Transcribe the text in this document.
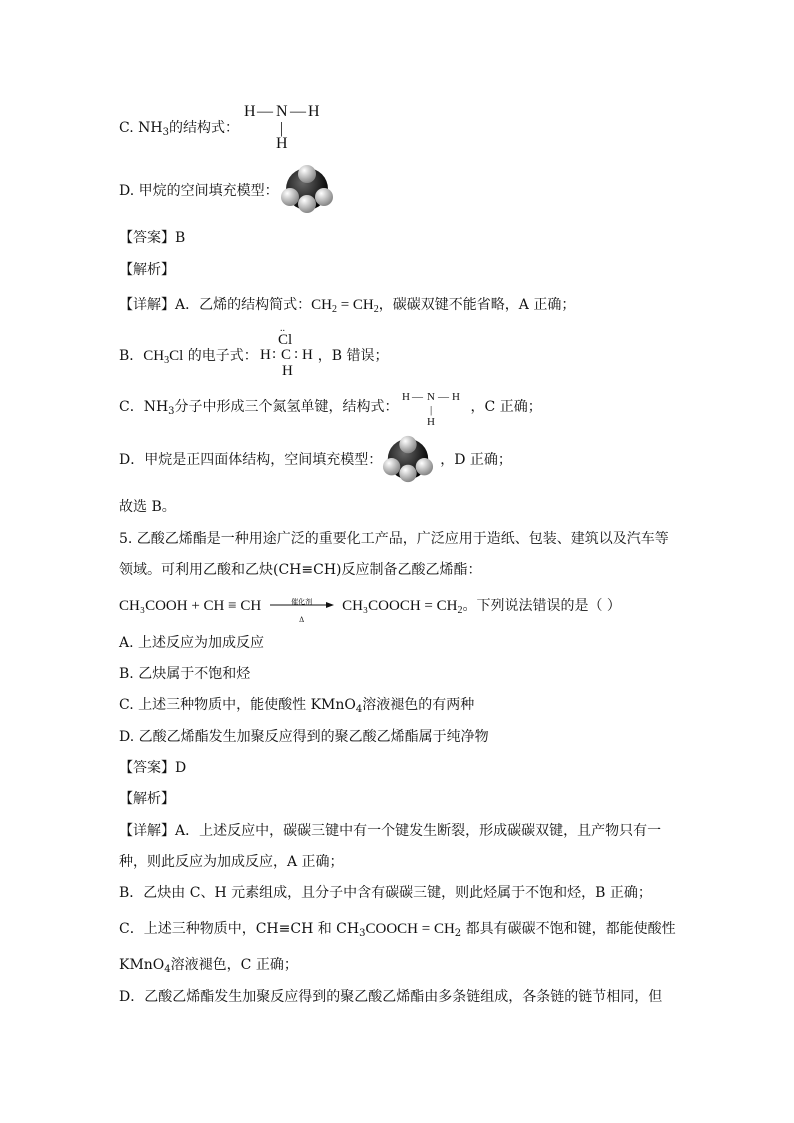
C. $NH_3$的结构式：
H — N — H
|
H
D. 甲烷的空间填充模型：
【答案】B
【解析】
【详解】A．乙烯的结构简式：$CH_2 = CH_2$，碳碳双键不能省略，A 正确；
B．$CH_3Cl$ 的电子式：	，B 错误；
..
Cl
H : C : H
H
C．$NH_3$分子中形成三个氮氢单键，结构式：	，C 正确；
H — N — H
|
H
D．甲烷是正四面体结构，空间填充模型：	，D 正确；
故选 B。
5. 乙酸乙烯酯是一种用途广泛的重要化工产品，广泛应用于造纸、包装、建筑以及汽车等
领域。可利用乙酸和乙炔(CH≡CH)反应制备乙酸乙烯酯：
CH₃COOH + CH ≡ CH	催化剂
Δ
CH₃COOCH = $CH_2$。下列说法错误的是（ ）
A. 上述反应为加成反应
B. 乙炔属于不饱和烃
C. 上述三种物质中，能使酸性 KMnO$_4$溶液褪色的有两种
D. 乙酸乙烯酯发生加聚反应得到的聚乙酸乙烯酯属于纯净物
【答案】D
【解析】
【详解】A．上述反应中，碳碳三键中有一个键发生断裂，形成碳碳双键，且产物只有一
种，则此反应为加成反应，A 正确；
B．乙炔由 C、H 元素组成，且分子中含有碳碳三键，则此烃属于不饱和烃，B 正确；
C．上述三种物质中，CH≡CH 和 $CH_3COOCH = CH_2$ 都具有碳碳不饱和键，都能使酸性
KMnO$_4$溶液褪色，C 正确；
D．乙酸乙烯酯发生加聚反应得到的聚乙酸乙烯酯由多条链组成，各条链的链节相同，但
